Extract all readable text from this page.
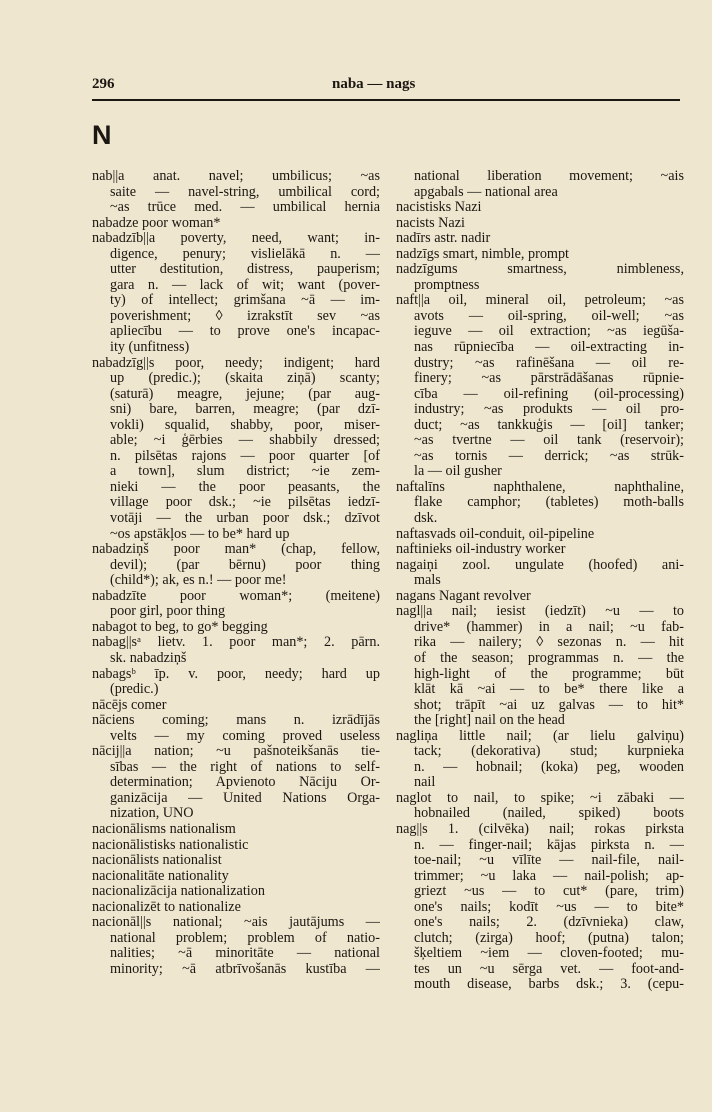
296	naba — nags
N
nab||a anat. navel; umbilicus; ~as
saite — navel-string, umbilical cord;
~as trūce med. — umbilical hernia
nabadze poor woman*
nabadzīb||a poverty, need, want; in-
digence, penury; vislielākā n. —
utter destitution, distress, pauperism;
gara n. — lack of wit; want (pover-
ty) of intellect; grimšana ~ā — im-
poverishment; ◊ izrakstīt sev ~as
apliecību — to prove one's incapac-
ity (unfitness)
nabadzīg||s poor, needy; indigent; hard
up (predic.); (skaita ziņā) scanty;
(saturā) meagre, jejune; (par aug-
sni) bare, barren, meagre; (par dzī-
vokli) squalid, shabby, poor, miser-
able; ~i ģērbies — shabbily dressed;
n. pilsētas rajons — poor quarter [of
a town], slum district; ~ie zem-
nieki — the poor peasants, the
village poor dsk.; ~ie pilsētas iedzī-
votāji — the urban poor dsk.; dzīvot
~os apstākļos — to be* hard up
nabadziņš poor man* (chap, fellow,
devil); (par bērnu) poor thing
(child*); ak, es n.! — poor me!
nabadzīte poor woman*; (meitene)
poor girl, poor thing
nabagot to beg, to go* begging
nabag||sᵃ lietv. 1. poor man*; 2. pārn.
sk. nabadziņš
nabagsᵇ īp. v. poor, needy; hard up
(predic.)
nācējs comer
nāciens coming; mans n. izrādījās
velts — my coming proved useless
nācij||a nation; ~u pašnoteikšanās tie-
sības — the right of nations to self-
determination; Apvienoto Nāciju Or-
ganizācija — United Nations Orga-
nization, UNO
nacionālisms nationalism
nacionālistisks nationalistic
nacionālists nationalist
nacionalitāte nationality
nacionalizācija nationalization
nacionalizēt to nationalize
nacionāl||s national; ~ais jautājums —
national problem; problem of natio-
nalities; ~ā minoritāte — national
minority; ~ā atbrīvošanās kustība —
national liberation movement; ~ais
apgabals — national area
nacistisks Nazi
nacists Nazi
nadīrs astr. nadir
nadzīgs smart, nimble, prompt
nadzīgums smartness, nimbleness,
promptness
naft||a oil, mineral oil, petroleum; ~as
avots — oil-spring, oil-well; ~as
ieguve — oil extraction; ~as iegūša-
nas rūpniecība — oil-extracting in-
dustry; ~as rafinēšana — oil re-
finery; ~as pārstrādāšanas rūpnie-
cība — oil-refining (oil-processing)
industry; ~as produkts — oil pro-
duct; ~as tankkuģis — [oil] tanker;
~as tvertne — oil tank (reservoir);
~as tornis — derrick; ~as strūk-
la — oil gusher
naftalīns naphthalene, naphthaline,
flake camphor; (tabletes) moth-balls
dsk.
naftasvads oil-conduit, oil-pipeline
naftinieks oil-industry worker
nagaiņi zool. ungulate (hoofed) ani-
mals
nagans Nagant revolver
nagl||a nail; iesist (iedzīt) ~u — to
drive* (hammer) in a nail; ~u fab-
rika — nailery; ◊ sezonas n. — hit
of the season; programmas n. — the
high-light of the programme; būt
klāt kā ~ai — to be* there like a
shot; trāpīt ~ai uz galvas — to hit*
the [right] nail on the head
nagliņa little nail; (ar lielu galviņu)
tack; (dekorativa) stud; kurpnieka
n. — hobnail; (koka) peg, wooden
nail
naglot to nail, to spike; ~i zābaki —
hobnailed (nailed, spiked) boots
nag||s 1. (cilvēka) nail; rokas pirksta
n. — finger-nail; kājas pirksta n. —
toe-nail; ~u vīlīte — nail-file, nail-
trimmer; ~u laka — nail-polish; ap-
griezt ~us — to cut* (pare, trim)
one's nails; kodīt ~us — to bite*
one's nails; 2. (dzīvnieka) claw,
clutch; (zirga) hoof; (putna) talon;
šķeltiem ~iem — cloven-footed; mu-
tes un ~u sērga vet. — foot-and-
mouth disease, barbs dsk.; 3. (cepu-
